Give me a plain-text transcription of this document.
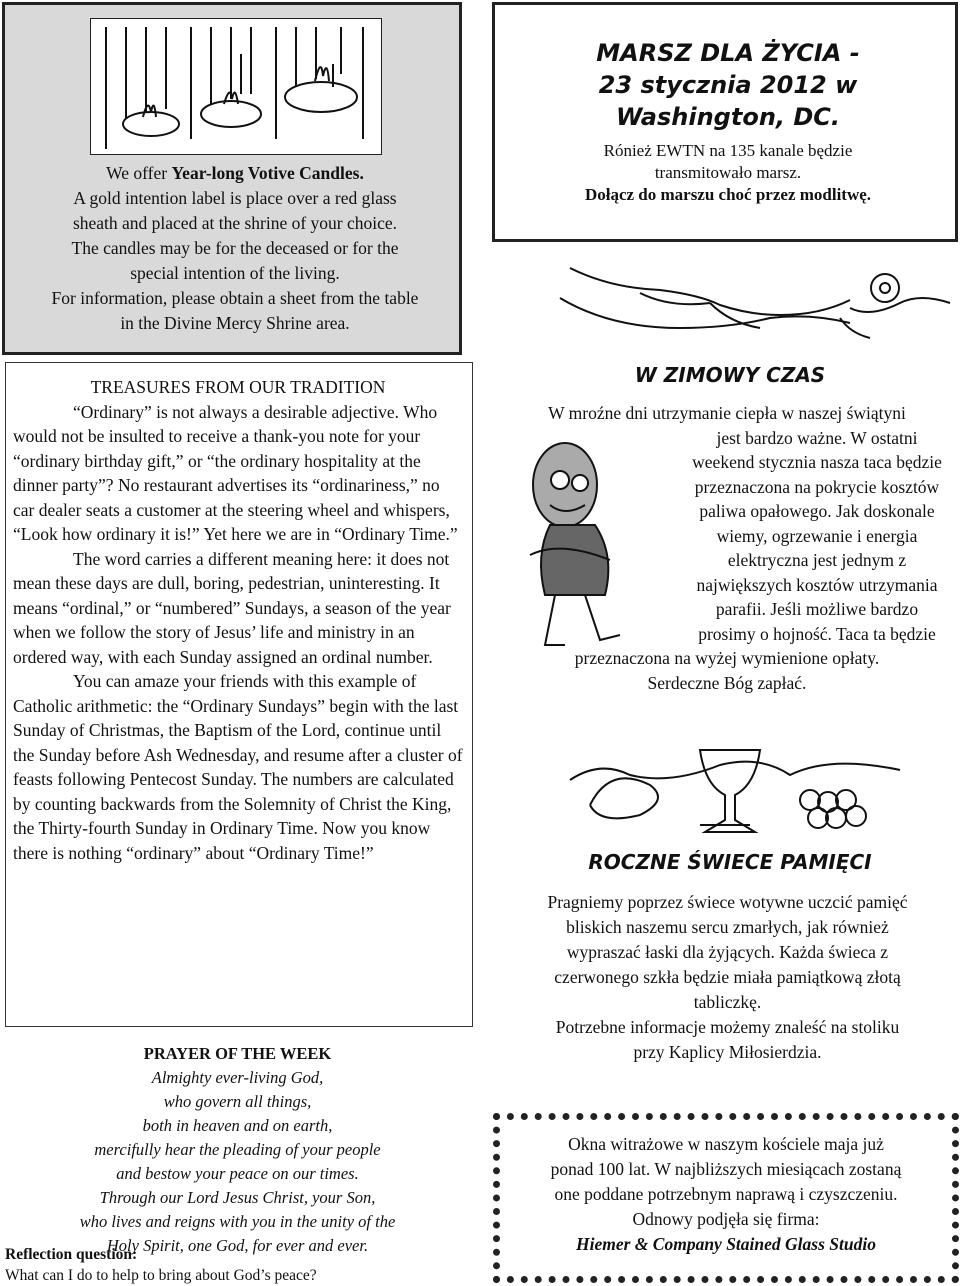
We offer Year-long Votive Candles.
A gold intention label is place over a red glass
sheath and placed at the shrine of your choice.
The candles may be for the deceased or for the
special intention of the living.
For information, please obtain a sheet from the table
in the Divine Mercy Shrine area.
MARSZ DLA ŻYCIA -
23 stycznia 2012 w
Washington, DC.
Rónież EWTN na 135 kanale będzie
transmitowało marsz.
Dołącz do marszu choć przez modlitwę.

TREASURES FROM OUR TRADITION

“Ordinary” is not always a desirable adjective. Who would not be insulted to receive a thank-you note for your “ordinary birthday gift,” or “the ordinary hospitality at the dinner party”? No restaurant advertises its “ordinariness,” no car dealer seats a customer at the steering wheel and whispers, “Look how ordinary it is!” Yet here we are in “Ordinary Time.”

The word carries a different meaning here: it does not mean these days are dull, boring, pedestrian, uninteresting. It means “ordinal,” or “numbered” Sundays, a season of the year when we follow the story of Jesus’ life and ministry in an ordered way, with each Sunday assigned an ordinal number.

You can amaze your friends with this example of Catholic arithmetic: the “Ordinary Sundays” begin with the last Sunday of Christmas, the Baptism of the Lord, continue until the Sunday before Ash Wednesday, and resume after a cluster of feasts following Pentecost Sunday. The numbers are calculated by counting backwards from the Solemnity of Christ the King, the Thirty-fourth Sunday in Ordinary Time. Now you know there is nothing “ordinary” about “Ordinary Time!”

PRAYER OF THE WEEK
Almighty ever-living God,
who govern all things,
both in heaven and on earth,
mercifully hear the pleading of your people
and bestow your peace on our times.
Through our Lord Jesus Christ, your Son,
who lives and reigns with you in the unity of the
Holy Spirit, one God, for ever and ever.
Reflection question:
What can I do to help to bring about God’s peace?
W ZIMOWY CZAS
W mroźne dni utrzymanie ciepła w naszej świątyni
jest bardzo ważne. W ostatni
weekend stycznia nasza taca będzie
przeznaczona na pokrycie kosztów
paliwa opałowego. Jak doskonale
wiemy, ogrzewanie i energia
elektryczna jest jednym z
największych kosztów utrzymania
parafii. Jeśli możliwe bardzo
prosimy o hojność. Taca ta będzie
przeznaczona na wyżej wymienione opłaty.
Serdeczne Bóg zapłać.
ROCZNE ŚWIECE PAMIĘCI
Pragniemy poprzez świece wotywne uczcić pamięć
bliskich naszemu sercu zmarłych, jak również
wypraszać łaski dla żyjących. Każda świeca z
czerwonego szkła będzie miała pamiątkową złotą
tabliczkę.
Potrzebne informacje możemy znaleść na stoliku
przy Kaplicy Miłosierdzia.
Okna witrażowe w naszym kościele maja już
ponad 100 lat. W najbliższych miesiącach zostaną
one poddane potrzebnym naprawą i czyszczeniu.
Odnowy podjęła się firma:
Hiemer & Company Stained Glass Studio
